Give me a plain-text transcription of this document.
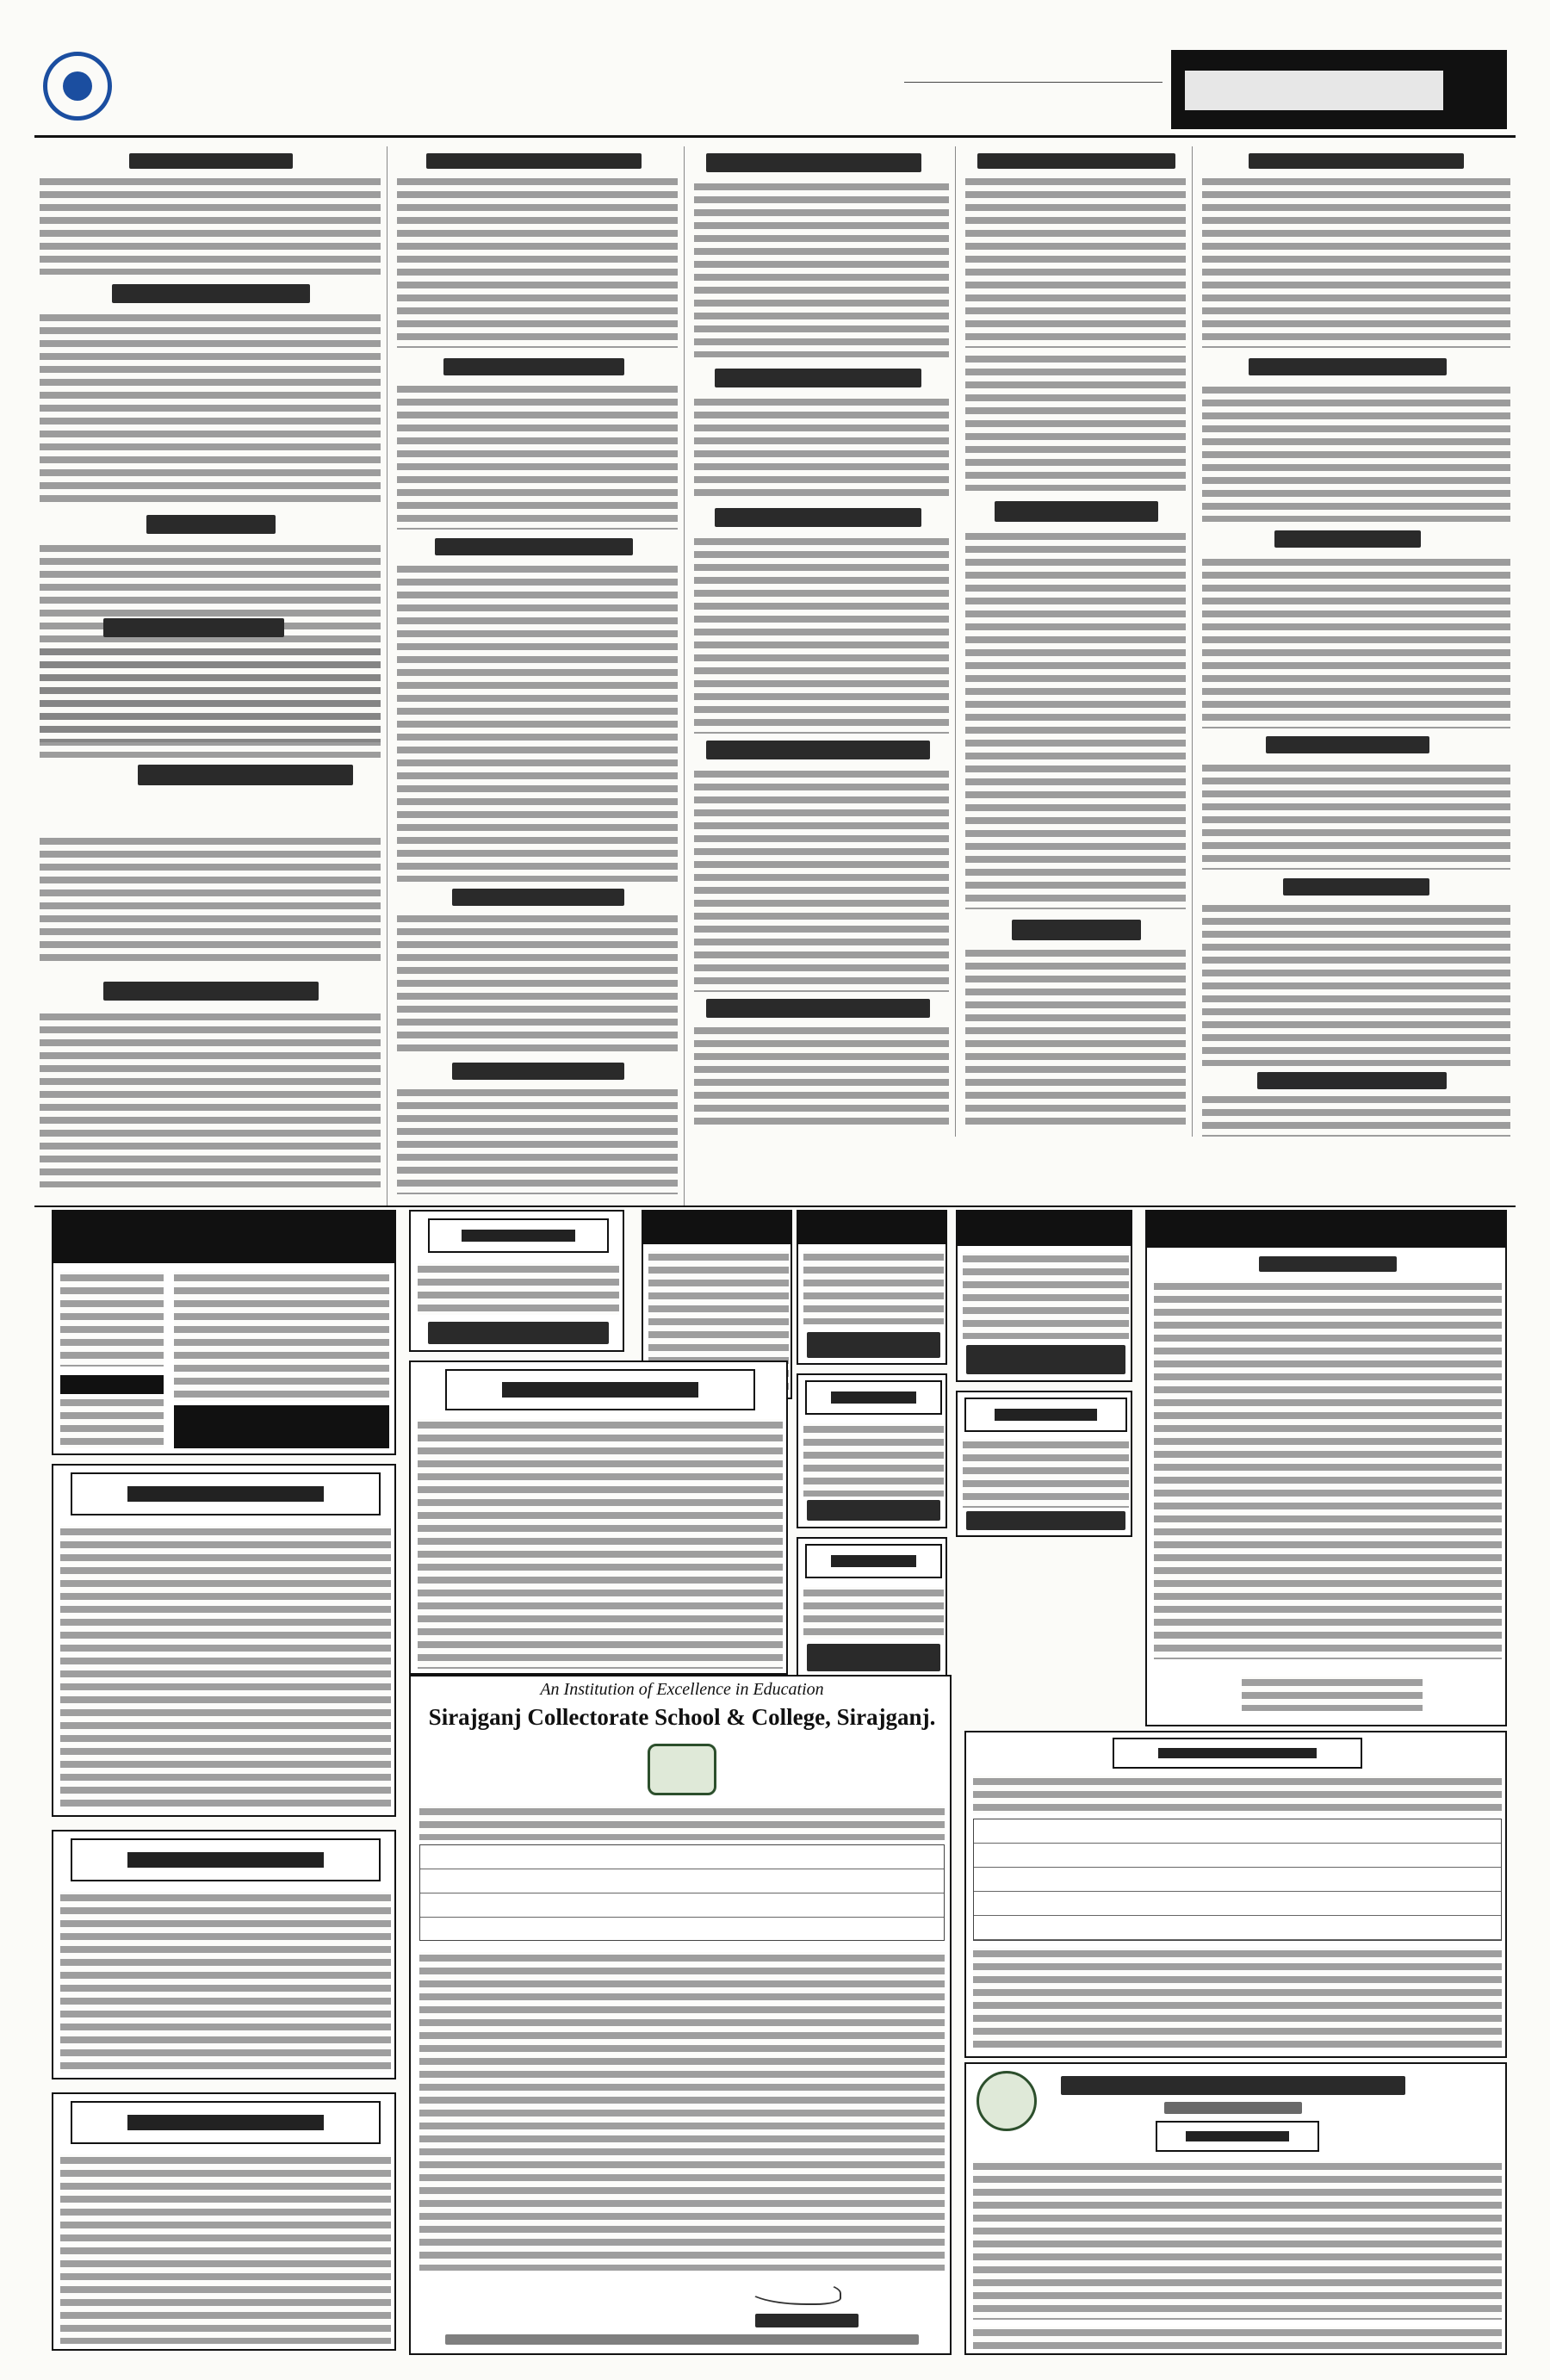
An Institution of Excellence in Education
Sirajganj Collectorate School & College, Sirajganj.
